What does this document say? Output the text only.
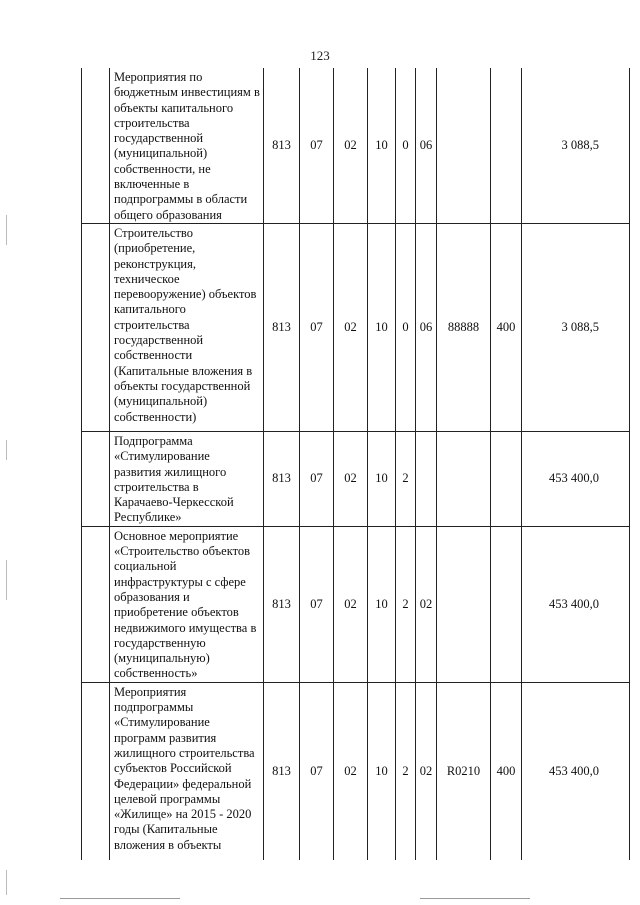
123
	Мероприятия по бюджетным инвестициям в объекты капитального строительства государственной (муниципальной) собственности, не включенные в подпрограммы в области общего образования	813	07	02	10	0	06			3 088,5
	Строительство (приобретение, реконструкция, техническое перевооружение) объектов капитального строительства государственной собственности (Капитальные вложения в объекты государственной (муниципальной) собственности)	813	07	02	10	0	06	88888	400	3 088,5
	Подпрограмма «Стимулирование развития жилищного строительства в Карачаево-Черкесской Республике»	813	07	02	10	2				453 400,0
	Основное мероприятие «Строительство объектов социальной инфраструктуры с сфере образования и приобретение объектов недвижимого имущества в государственную (муниципальную) собственность»	813	07	02	10	2	02			453 400,0
	Мероприятия подпрограммы «Стимулирование программ развития жилищного строительства субъектов Российской Федерации» федеральной целевой программы «Жилище» на 2015 - 2020 годы (Капитальные вложения в объекты	813	07	02	10	2	02	R0210	400	453 400,0
